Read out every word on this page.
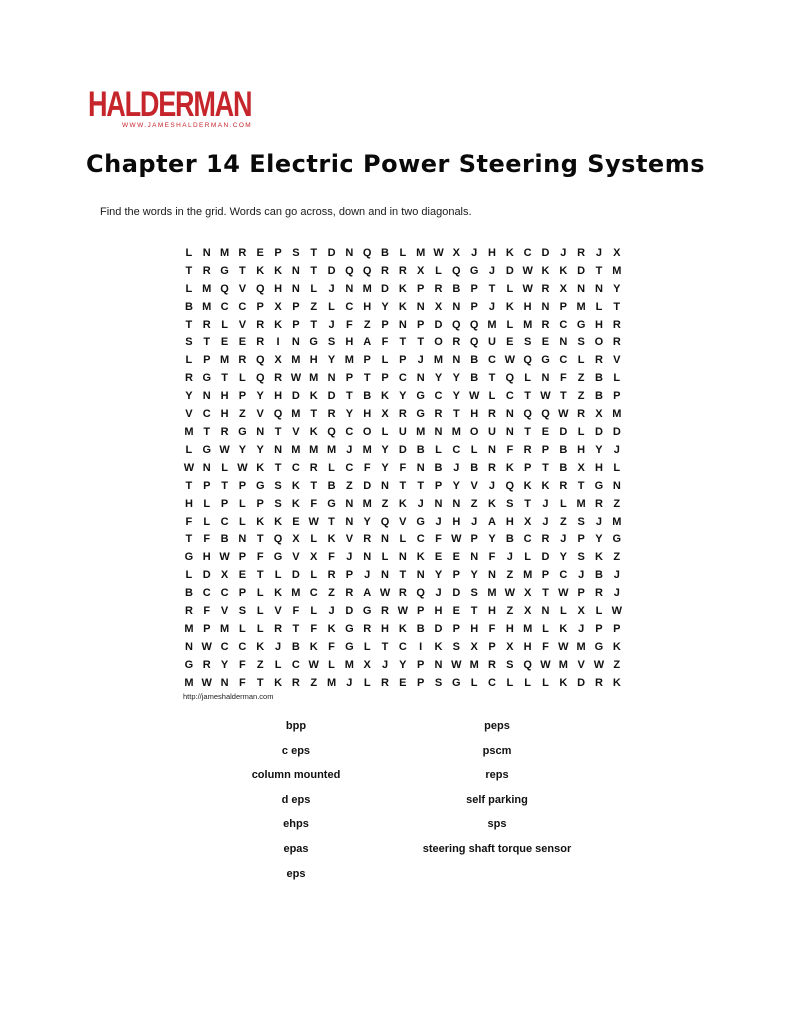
HALDERMAN
WWW.JAMESHALDERMAN.COM
Chapter 14 Electric Power Steering Systems
Find the words in the grid. Words can go across, down and in two diagonals.
L N M R E P S T D N Q B L M W X	J H K C D J R J	X
T R G T K K N T D Q Q R R X L Q G J D W K K D T M
L M Q V Q H N L	J N M D K P R B P T	L W R X N N Y
B M C C P X P Z	L C H Y K N X N P	J K H N P M L	T
T R L V R K P T	J	F	Z P N P D Q Q M L M R C G H R
S T E E R	I	N G S H A F	T	T O R Q U E S E N S O R
L P M R Q X M H Y M P L P	J M N B C W Q G C L R V
R G T	L Q R W M N P T P C N Y Y B T Q L N F	Z B L
Y N H P Y H D K D T B K Y G C Y W L C T W T	Z B P
V C H Z V Q M T R Y H X R G R T H R N Q Q W R X M
M T R G N T V K Q C O L U M N M O U N T E D L D D
L G W Y Y N M M M J M Y D B L C L N F R P B H Y	J
W N L W K T C R L C F Y F N B J B R K P T B X H L
T P T P G S K T B Z D N T	T P Y V	J Q K K R T G N
H L P L P S K F G N M Z K J N N Z K S T	J	L M R Z
F	L C L K K E W T N Y Q V G J H J A H X	J	Z S	J M
T	F B N T Q X L K V R N L C F W P Y B C R J	P Y G
G H W P F G V X F	J N L N K E E N F	J	L D Y S K Z
L D X E T	L D L R P	J N T N Y P Y N Z M P C J B J
B C C P L K M C Z R A W R Q J D S M W X T W P R J
R F V S L V F	L	J D G R W P H E T H Z X N L X L W
M P M L	L R T	F K G R H K B D P H F H M L K J	P P
N W C C K J B K F G L	T C	I	K S X P X H F W M G K
G R Y F	Z	L C W L M X	J	Y P N W M R S Q W M V W Z
M W N F	T K R Z M J	L R E P S G L C L	L	L K D R K
http://jameshalderman.com
bpp
c eps
column mounted
d eps
ehps
epas
eps
peps
pscm
reps
self parking
sps
steering shaft torque sensor
